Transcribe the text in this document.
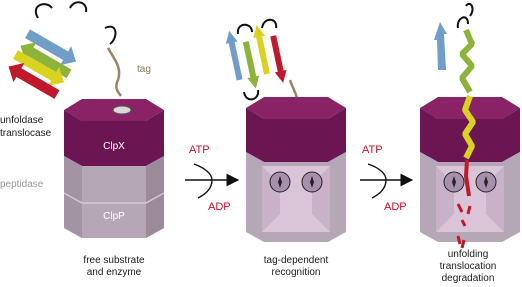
tag
ClpX
ClpP
unfoldase
translocase
peptidase
ATP
ADP
ATP
ADP
free substrate
and enzyme
tag-dependent
recognition
unfolding
translocation
degradation
